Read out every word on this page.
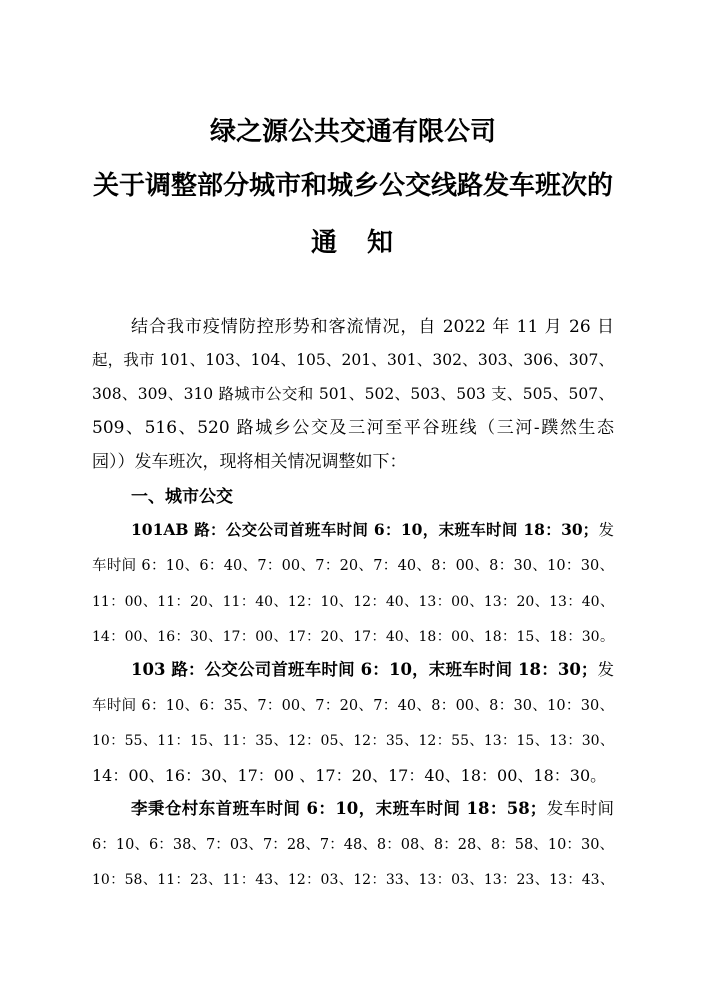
绿之源公共交通有限公司
关于调整部分城市和城乡公交线路发车班次的
通　知
结合我市疫情防控形势和客流情况，自 2022 年 11 月 26 日
起，我市 101、103、104、105、201、301、302、303、306、307、
308、309、310 路城市公交和 501、502、503、503 支、505、507、
509、516、520 路城乡公交及三河至平谷班线（三河-蹼然生态
园））发车班次，现将相关情况调整如下：
一、城市公交
101AB 路：公交公司首班车时间 6：10，末班车时间 18：30；发
车时间 6：10、6：40、7：00、7：20、7：40、8：00、8：30、10：30、
11：00、11：20、11：40、12：10、12：40、13：00、13：20、13：40、
14：00、16：30、17：00、17：20、17：40、18：00、18：15、18：30。
103 路：公交公司首班车时间 6：10，末班车时间 18：30；发
车时间 6：10、6：35、7：00、7：20、7：40、8：00、8：30、10：30、
10：55、11：15、11：35、12：05、12：35、12：55、13：15、13：30、
14：00、16：30、17：00 、17：20、17：40、18：00、18：30。
李秉仓村东首班车时间 6：10，末班车时间 18：58；发车时间
6：10、6：38、7：03、7：28、7：48、8：08、8：28、8：58、10：30、
10：58、11：23、11：43、12：03、12：33、13：03、13：23、13：43、
